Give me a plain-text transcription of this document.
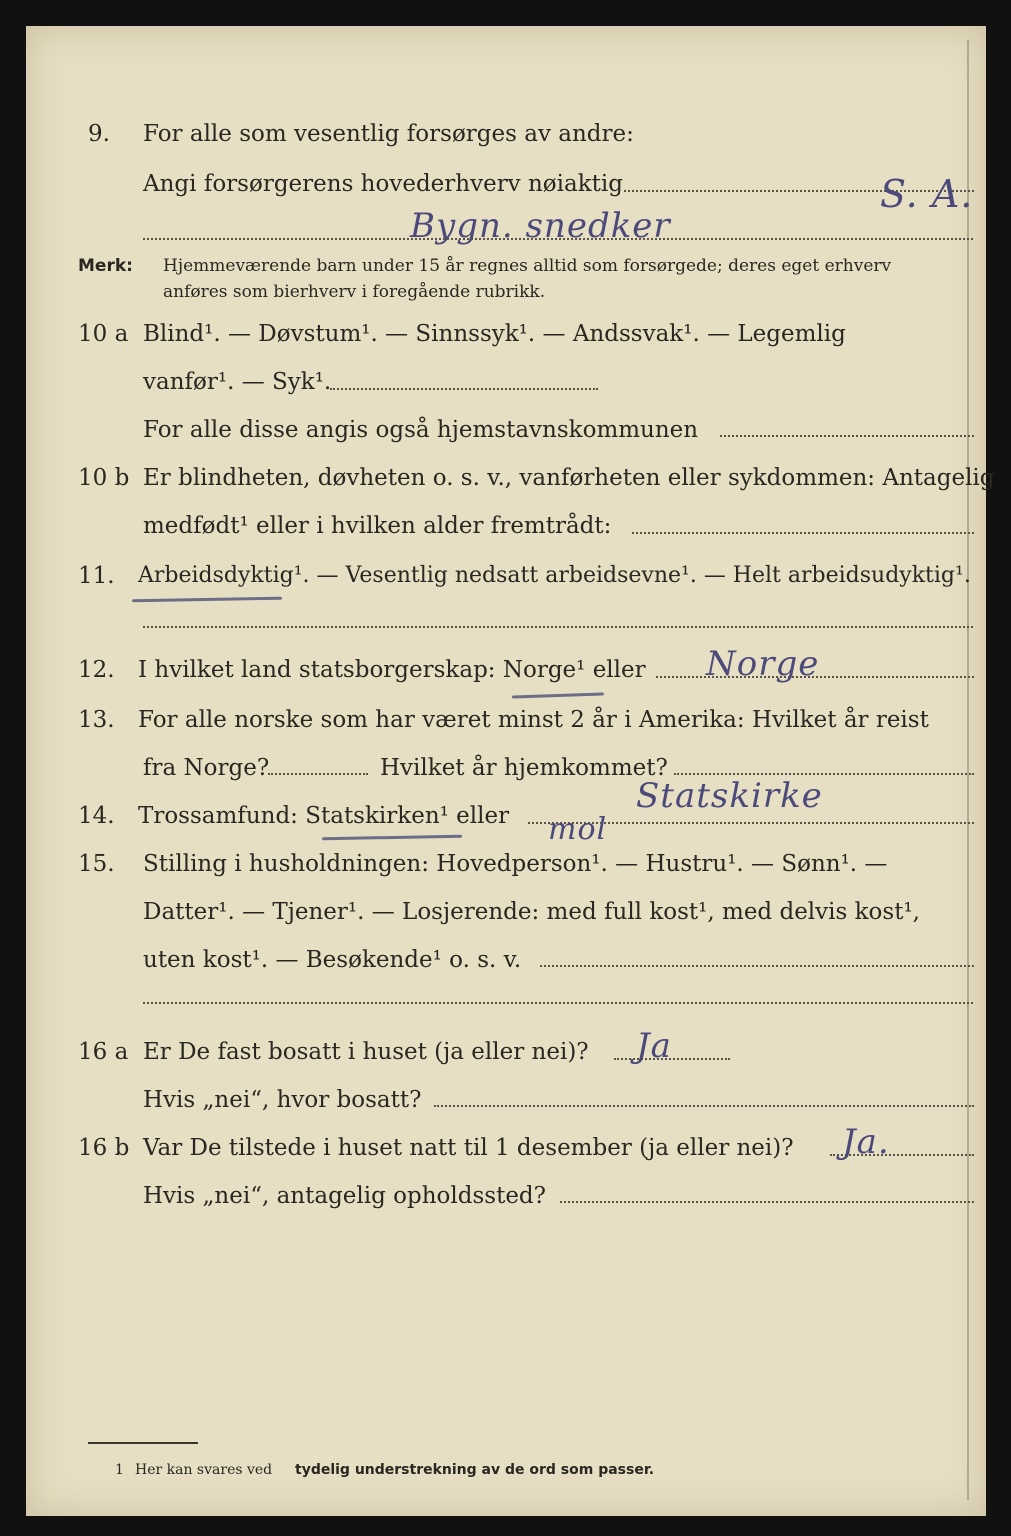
9. For alle som vesentlig forsørges av andre:
Angi forsørgerens hovederhverv nøiaktig	S. A.
Bygn. snedker
Merk: Hjemmeværende barn under 15 år regnes alltid som forsørgede; deres eget erhverv
anføres som bierhverv i foregående rubrikk.
10 a Blind¹. — Døvstum¹. — Sinnssyk¹. — Andssvak¹. — Legemlig
vanfør¹. — Syk¹.
For alle disse angis også hjemstavnskommunen
10 b Er blindheten, døvheten o. s. v., vanførheten eller sykdommen: Antagelig
medfødt¹ eller i hvilken alder fremtrådt:
11. Arbeidsdyktig¹. — Vesentlig nedsatt arbeidsevne¹. — Helt arbeidsudyktig¹.
12. I hvilket land statsborgerskap: Norge¹ eller Norge
13. For alle norske som har været minst 2 år i Amerika: Hvilket år reist
fra Norge?	Hvilket år hjemkommet?
14. Trossamfund: Statskirken¹ eller	Statskirke
mol
15. Stilling i husholdningen: Hovedperson¹. — Hustru¹. — Sønn¹. —
Datter¹. — Tjener¹. — Losjerende: med full kost¹, med delvis kost¹,
uten kost¹. — Besøkende¹ o. s. v.
16 a Er De fast bosatt i huset (ja eller nei)? Ja
Hvis „nei“, hvor bosatt?
16 b Var De tilstede i huset natt til 1 desember (ja eller nei)? Ja.
Hvis „nei“, antagelig opholdssted?
1 Her kan svares ved tydelig understrekning av de ord som passer.
